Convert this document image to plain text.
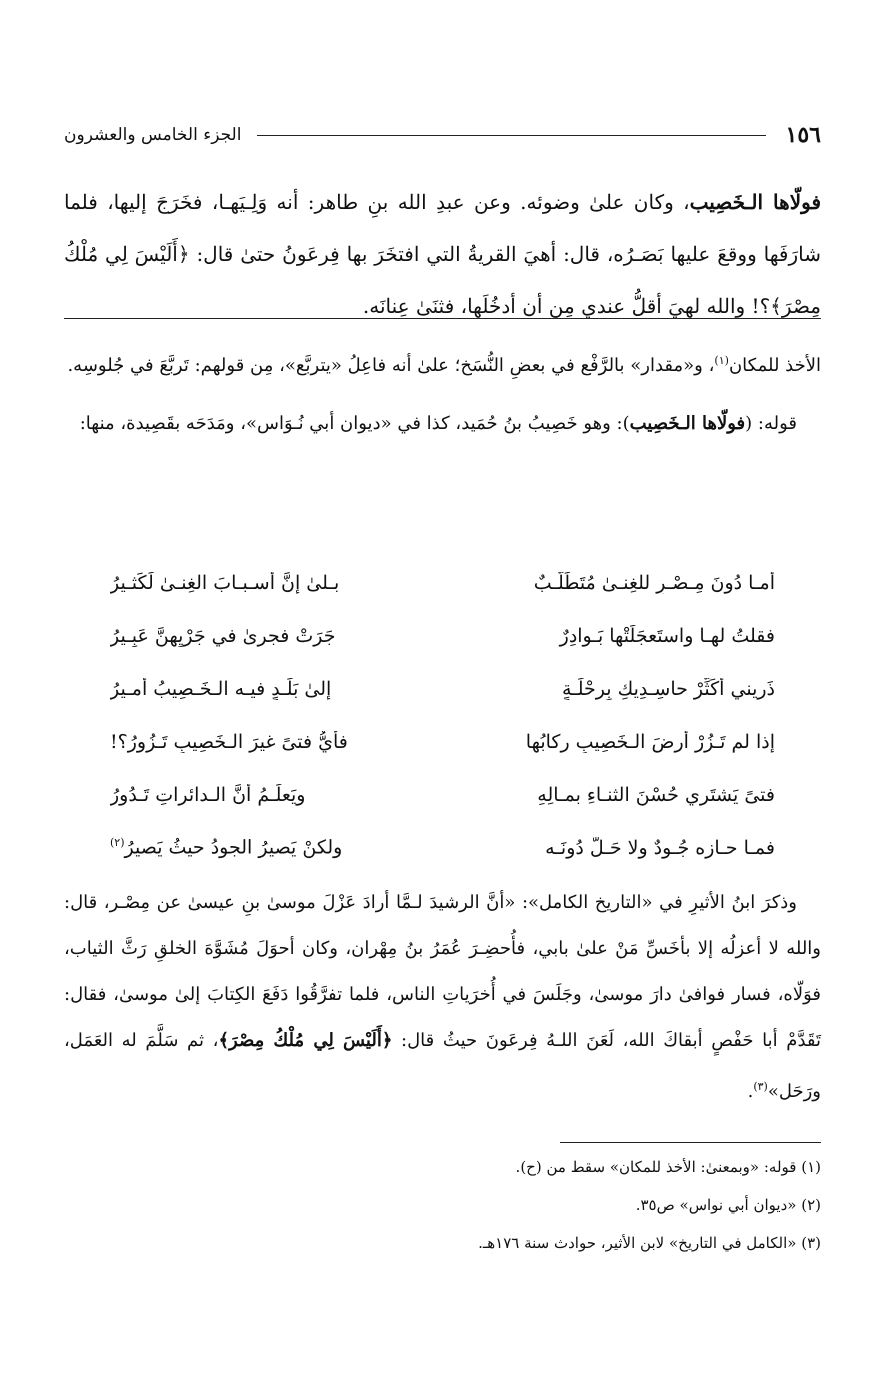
١٥٦
الجزء الخامس والعشرون
فولّاها الـخَصِيب، وكان علىٰ وضوئه. وعن عبدِ الله بنِ طاهر: أنه وَلِـيَهـا، فخَرَجَ إليها، فلما شارَفَها ووقعَ عليها بَصَـرُه، قال: أهيَ القريةُ التي افتخَرَ بها فِرعَونُ حتىٰ قال: ﴿أَلَيْسَ لِي مُلْكُ مِصْرَ﴾؟! والله لهيَ أقلُّ عندي مِن أن أدخُلَها، فثنَىٰ عِنانَه.

الأخذ للمكان$^{(١)}$، و«مقدار» بالرَّفْع في بعضِ النُّسَخ؛ علىٰ أنه فاعِلُ «يتربَّع»، مِن قولهم: تَربَّعَ في جُلوسِه.

قوله: (فولّاها الـخَصِيب): وهو خَصِيبُ بنُ حُمَيد، كذا في «ديوان أبي نُـوَاس»، ومَدَحَه بقَصِيدة، منها:

أَمـا دُونَ مِـصْـرٍ للغِنـىٰ مُتَطَلَّـبٌ
بـلىٰ إنَّ أسـبـابَ الغِنـىٰ لَكَثـيرُ
فقلتُ لهـا واستَعجَلَتْها بَـوادِرٌ
جَرَتْ فجرىٰ في جَرْيِهِنَّ عَبِـيرُ
ذَرِيني أُكَثِّرْ حاسِـدِيكِ بِرِحْلَـةٍ
إلىٰ بَلَـدٍ فيـه الـخَـصِيبُ أمـيرُ
إذا لم تَـزُرْ أرضَ الـخَصِيبِ رِكابُها
فأيُّ فتىً غيرَ الـخَصِيبِ تَـزُورُ؟!
فتىً يَشتَرِي حُسْنَ الثنـاءِ بمـالِهِ
ويَعلَـمُ أنَّ الـدائراتِ تَـدُورُ
فمـا حـازه جُـودٌ ولا حَـلَّ دُونَـه
ولكنْ يَصيرُ الجودُ حيثُ يَصيرُ$^{(٢)}$
وذكرَ ابنُ الأثيرِ في «التاريخ الكامل»: «أنَّ الرشيدَ لـمَّا أرادَ عَزْلَ موسىٰ بنِ عيسىٰ عن مِصْـر، قال: والله لا أعزلُه إلا بأخَسِّ مَنْ علىٰ بابي، فأُحضِـرَ عُمَرُ بنُ مِهْران، وكان أحوَلَ مُشَوَّهَ الخلقِ رَثَّ الثياب، فوَلّاه، فسار فوافىٰ دارَ موسىٰ، وجَلَسَ في أُخرَياتِ الناس، فلما تفرَّقُوا دَفَعَ الكِتابَ إلىٰ موسىٰ، فقال: تَقَدَّمْ أبا حَفْصٍ أبقاكَ الله، لَعَنَ اللـهُ فِرعَونَ حيثُ قال: ﴿أَلَيْسَ لِي مُلْكُ مِصْرَ﴾، ثم سَلَّمَ له العَمَل، ورَحَل»$^{(٣)}$.

(١) قوله: «وبمعنىٰ: الأخذ للمكان» سقط من (ح).

(٢) «ديوان أبي نواس» ص٣٥.

(٣) «الكامل في التاريخ» لابن الأثير، حوادث سنة ١٧٦هـ.
